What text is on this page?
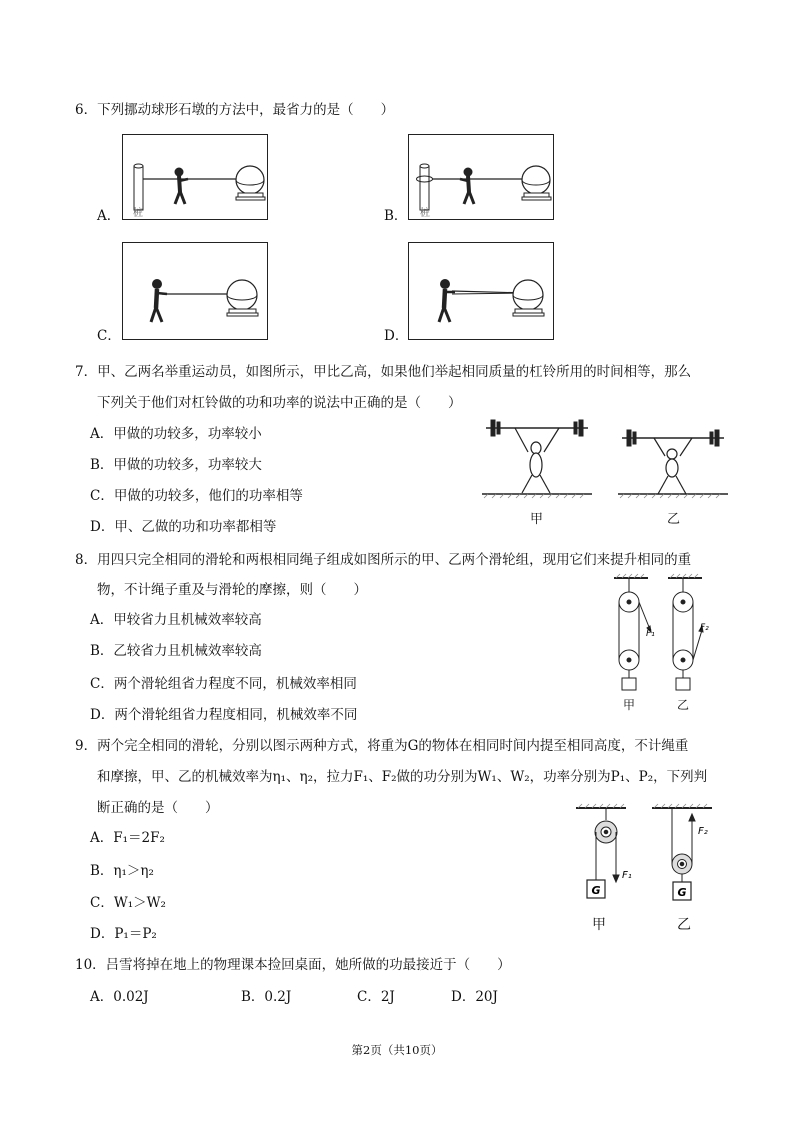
6．下列挪动球形石墩的方法中，最省力的是（　　）
A． 桩	B． 桩
C．	D．
7．甲、乙两名举重运动员，如图所示，甲比乙高，如果他们举起相同质量的杠铃所用的时间相等，那么
下列关于他们对杠铃做的功和功率的说法中正确的是（　　）
A．甲做的功较多，功率较小
B．甲做的功较多，功率较大
C．甲做的功较多，他们的功率相等
D．甲、乙做的功和功率都相等	甲	乙
8．用四只完全相同的滑轮和两根相同绳子组成如图所示的甲、乙两个滑轮组，现用它们来提升相同的重
物，不计绳子重及与滑轮的摩擦，则（　　）
A．甲较省力且机械效率较高
B．乙较省力且机械效率较高
C．两个滑轮组省力程度不同，机械效率相同
D．两个滑轮组省力程度相同，机械效率不同
F₁
F₂
甲	乙
9．两个完全相同的滑轮，分别以图示两种方式，将重为G的物体在相同时间内提至相同高度，不计绳重
和摩擦，甲、乙的机械效率为η₁、η₂，拉力F₁、F₂做的功分别为W₁、W₂，功率分别为P₁、P₂，下列判
断正确的是（　　）
A．F₁＝2F₂
B．η₁＞η₂
C．W₁＞W₂
D．P₁＝P₂
G
F₁
G
F₂
甲	乙
10．吕雪将掉在地上的物理课本捡回桌面，她所做的功最接近于（　　）
A．0.02J	B．0.2J	C．2J	D．20J
第2页（共10页）
